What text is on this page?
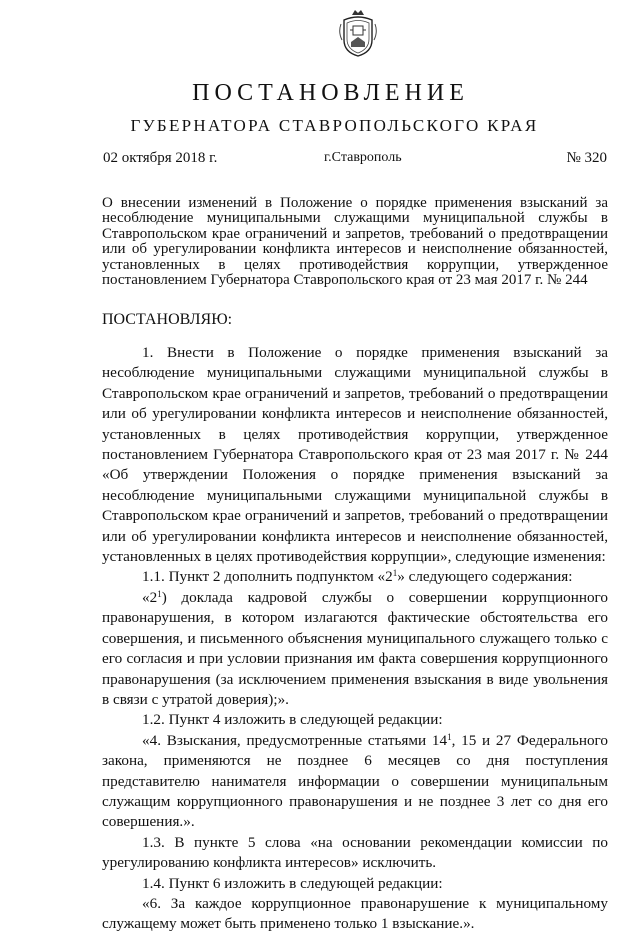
ПОСТАНОВЛЕНИЕ
ГУБЕРНАТОРА СТАВРОПОЛЬСКОГО КРАЯ
02 октября 2018 г.	г.Ставрополь	№ 320

О внесении изменений в Положение о порядке применения взысканий за несоблюдение муниципальными служащими муниципальной службы в Ставропольском крае ограничений и запретов, требований о предотвращении или об урегулировании конфликта интересов и неисполнение обязанностей, установленных в целях противодействия коррупции, утвержденное постановлением Губернатора Ставропольского края от 23 мая 2017 г. № 244

ПОСТАНОВЛЯЮ:

1. Внести в Положение о порядке применения взысканий за несоблюдение муниципальными служащими муниципальной службы в Ставропольском крае ограничений и запретов, требований о предотвращении или об урегулировании конфликта интересов и неисполнение обязанностей, установленных в целях противодействия коррупции, утвержденное постановлением Губернатора Ставропольского края от 23 мая 2017 г. № 244 «Об утверждении Положения о порядке применения взысканий за несоблюдение муниципальными служащими муниципальной службы в Ставропольском крае ограничений и запретов, требований о предотвращении или об урегулировании конфликта интересов и неисполнение обязанностей, установленных в целях противодействия коррупции», следующие изменения:

1.1. Пункт 2 дополнить подпунктом «$2^1$» следующего содержания:

«$2^1$) доклада кадровой службы о совершении коррупционного правонарушения, в котором излагаются фактические обстоятельства его совершения, и письменного объяснения муниципального служащего только с его согласия и при условии признания им факта совершения коррупционного правонарушения (за исключением применения взыскания в виде увольнения в связи с утратой доверия);».

1.2. Пункт 4 изложить в следующей редакции:

«4. Взыскания, предусмотренные статьями $14^1$, 15 и 27 Федерального закона, применяются не позднее 6 месяцев со дня поступления представителю нанимателя информации о совершении муниципальным служащим коррупционного правонарушения и не позднее 3 лет со дня его совершения.».

1.3. В пункте 5 слова «на основании рекомендации комиссии по урегулированию конфликта интересов» исключить.

1.4. Пункт 6 изложить в следующей редакции:

«6. За каждое коррупционное правонарушение к муниципальному служащему может быть применено только 1 взыскание.».
